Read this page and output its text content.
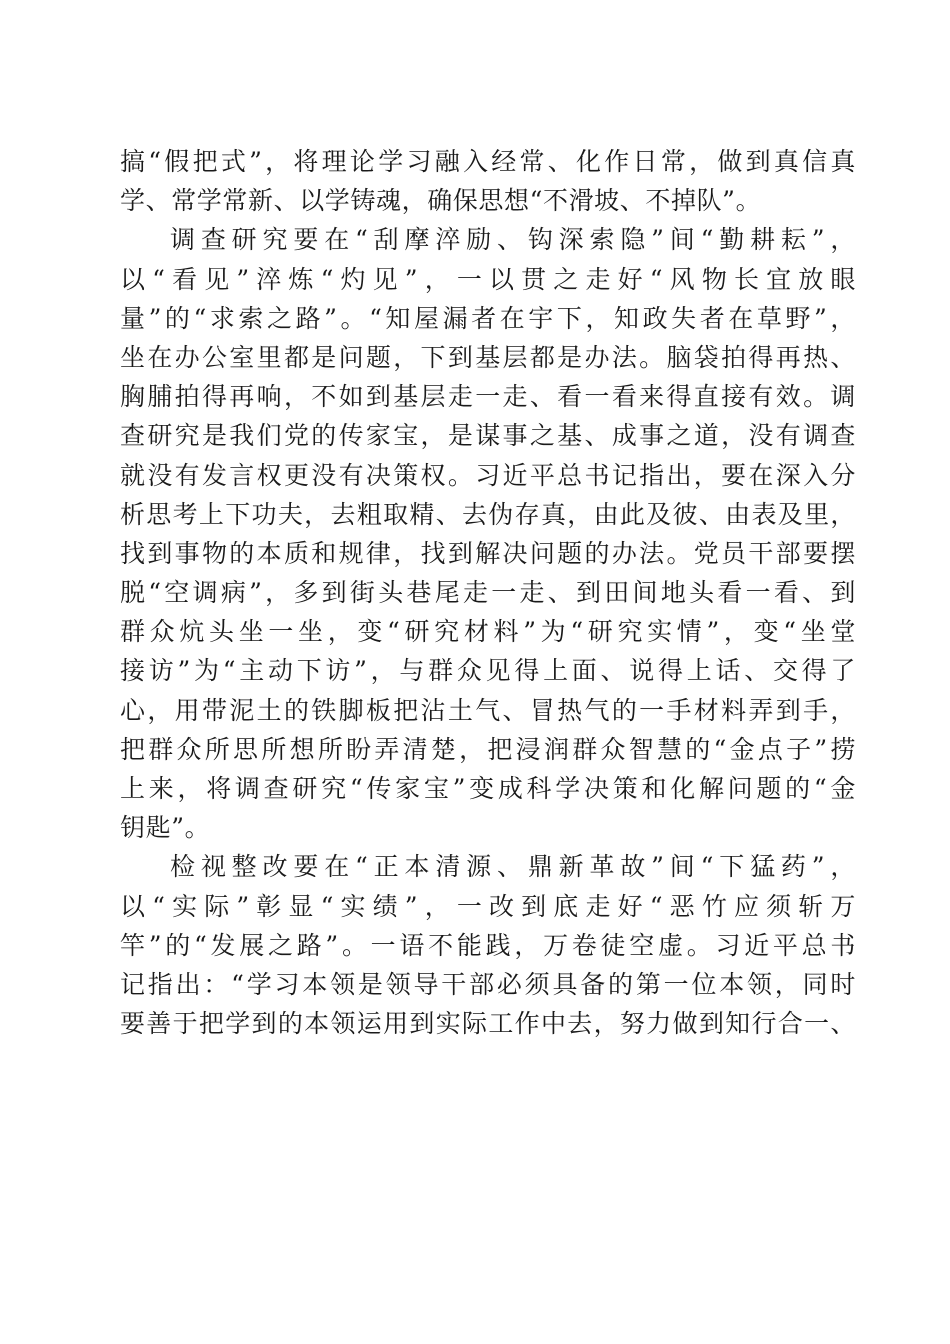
搞“假把式”，将理论学习融入经常、化作日常，做到真信真
学、常学常新、以学铸魂，确保思想“不滑坡、不掉队”。
调查研究要在“刮摩淬励、钩深索隐”间“勤耕耘”，
以“看见”淬炼“灼见”，一以贯之走好“风物长宜放眼
量”的“求索之路”。“知屋漏者在宇下，知政失者在草野”，
坐在办公室里都是问题，下到基层都是办法。脑袋拍得再热、
胸脯拍得再响，不如到基层走一走、看一看来得直接有效。调
查研究是我们党的传家宝，是谋事之基、成事之道，没有调查
就没有发言权更没有决策权。习近平总书记指出，要在深入分
析思考上下功夫，去粗取精、去伪存真，由此及彼、由表及里，
找到事物的本质和规律，找到解决问题的办法。党员干部要摆
脱“空调病”，多到街头巷尾走一走、到田间地头看一看、到
群众炕头坐一坐，变“研究材料”为“研究实情”，变“坐堂
接访”为“主动下访”，与群众见得上面、说得上话、交得了
心，用带泥土的铁脚板把沾土气、冒热气的一手材料弄到手，
把群众所思所想所盼弄清楚，把浸润群众智慧的“金点子”捞
上来，将调查研究“传家宝”变成科学决策和化解问题的“金
钥匙”。
检视整改要在“正本清源、鼎新革故”间“下猛药”，
以“实际”彰显“实绩”，一改到底走好“恶竹应须斩万
竿”的“发展之路”。一语不能践，万卷徒空虚。习近平总书
记指出：“学习本领是领导干部必须具备的第一位本领，同时
要善于把学到的本领运用到实际工作中去，努力做到知行合一、
